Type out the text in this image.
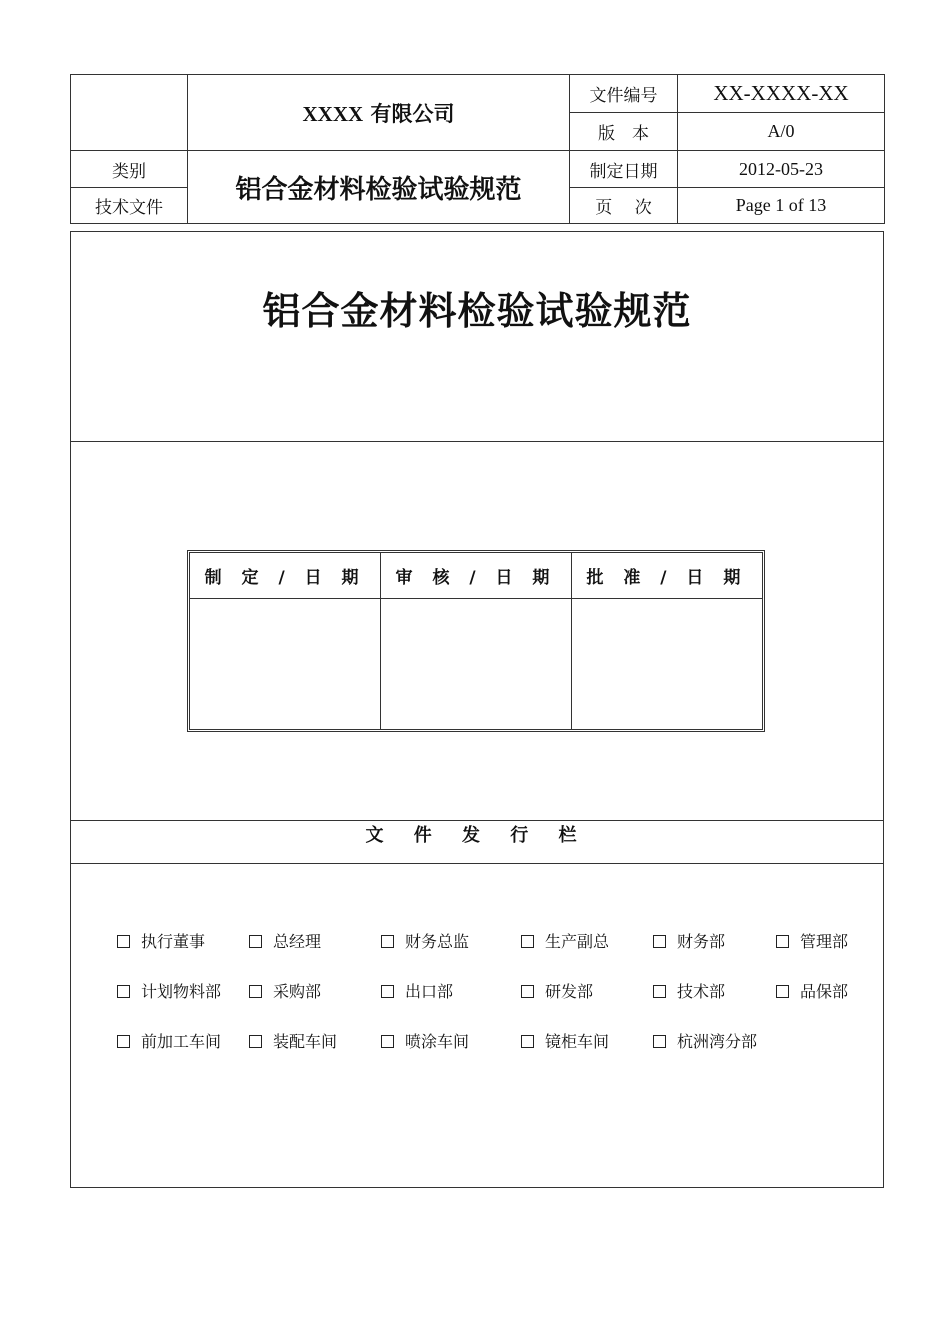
	XXXX 有限公司	文件编号	XX-XXXX-XX
		版　本	A/0
类别	铝合金材料检验试验规范	制定日期	2012-05-23
技术文件		页　 次	Page 1 of 13
铝合金材料检验试验规范
制 定 / 日 期	审 核 / 日 期	批 准 / 日 期

文 件 发 行 栏
执行董事	总经理	财务总监	生产副总	财务部	管理部
计划物料部	采购部	出口部	研发部	技术部	品保部
前加工车间	装配车间	喷涂车间	镜柜车间	杭洲湾分部
